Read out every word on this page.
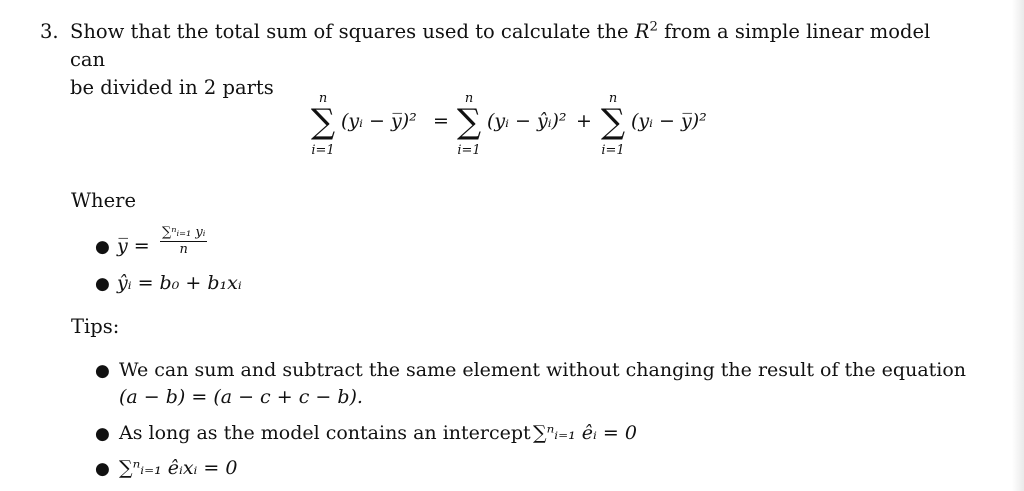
3. Show that the total sum of squares used to calculate the $R^2$ from a simple linear model can
be divided in 2 parts	n
∑
i=1
(yᵢ − y̅)² =
n
∑
i=1
(yᵢ − ŷᵢ)² +
n
∑
i=1
(yᵢ − y̅)²
Where
● y̅ = $\frac{\text{∑ⁿᵢ₌₁ yᵢ}}{n}$
● ŷᵢ = b₀ + b₁xᵢ
Tips:
● We can sum and subtract the same element without changing the result of the equation
(a − b) = (a − c + c − b).
● As long as the model contains an intercept ∑ⁿᵢ₌₁ êᵢ = 0
● ∑ⁿᵢ₌₁ êᵢxᵢ = 0
